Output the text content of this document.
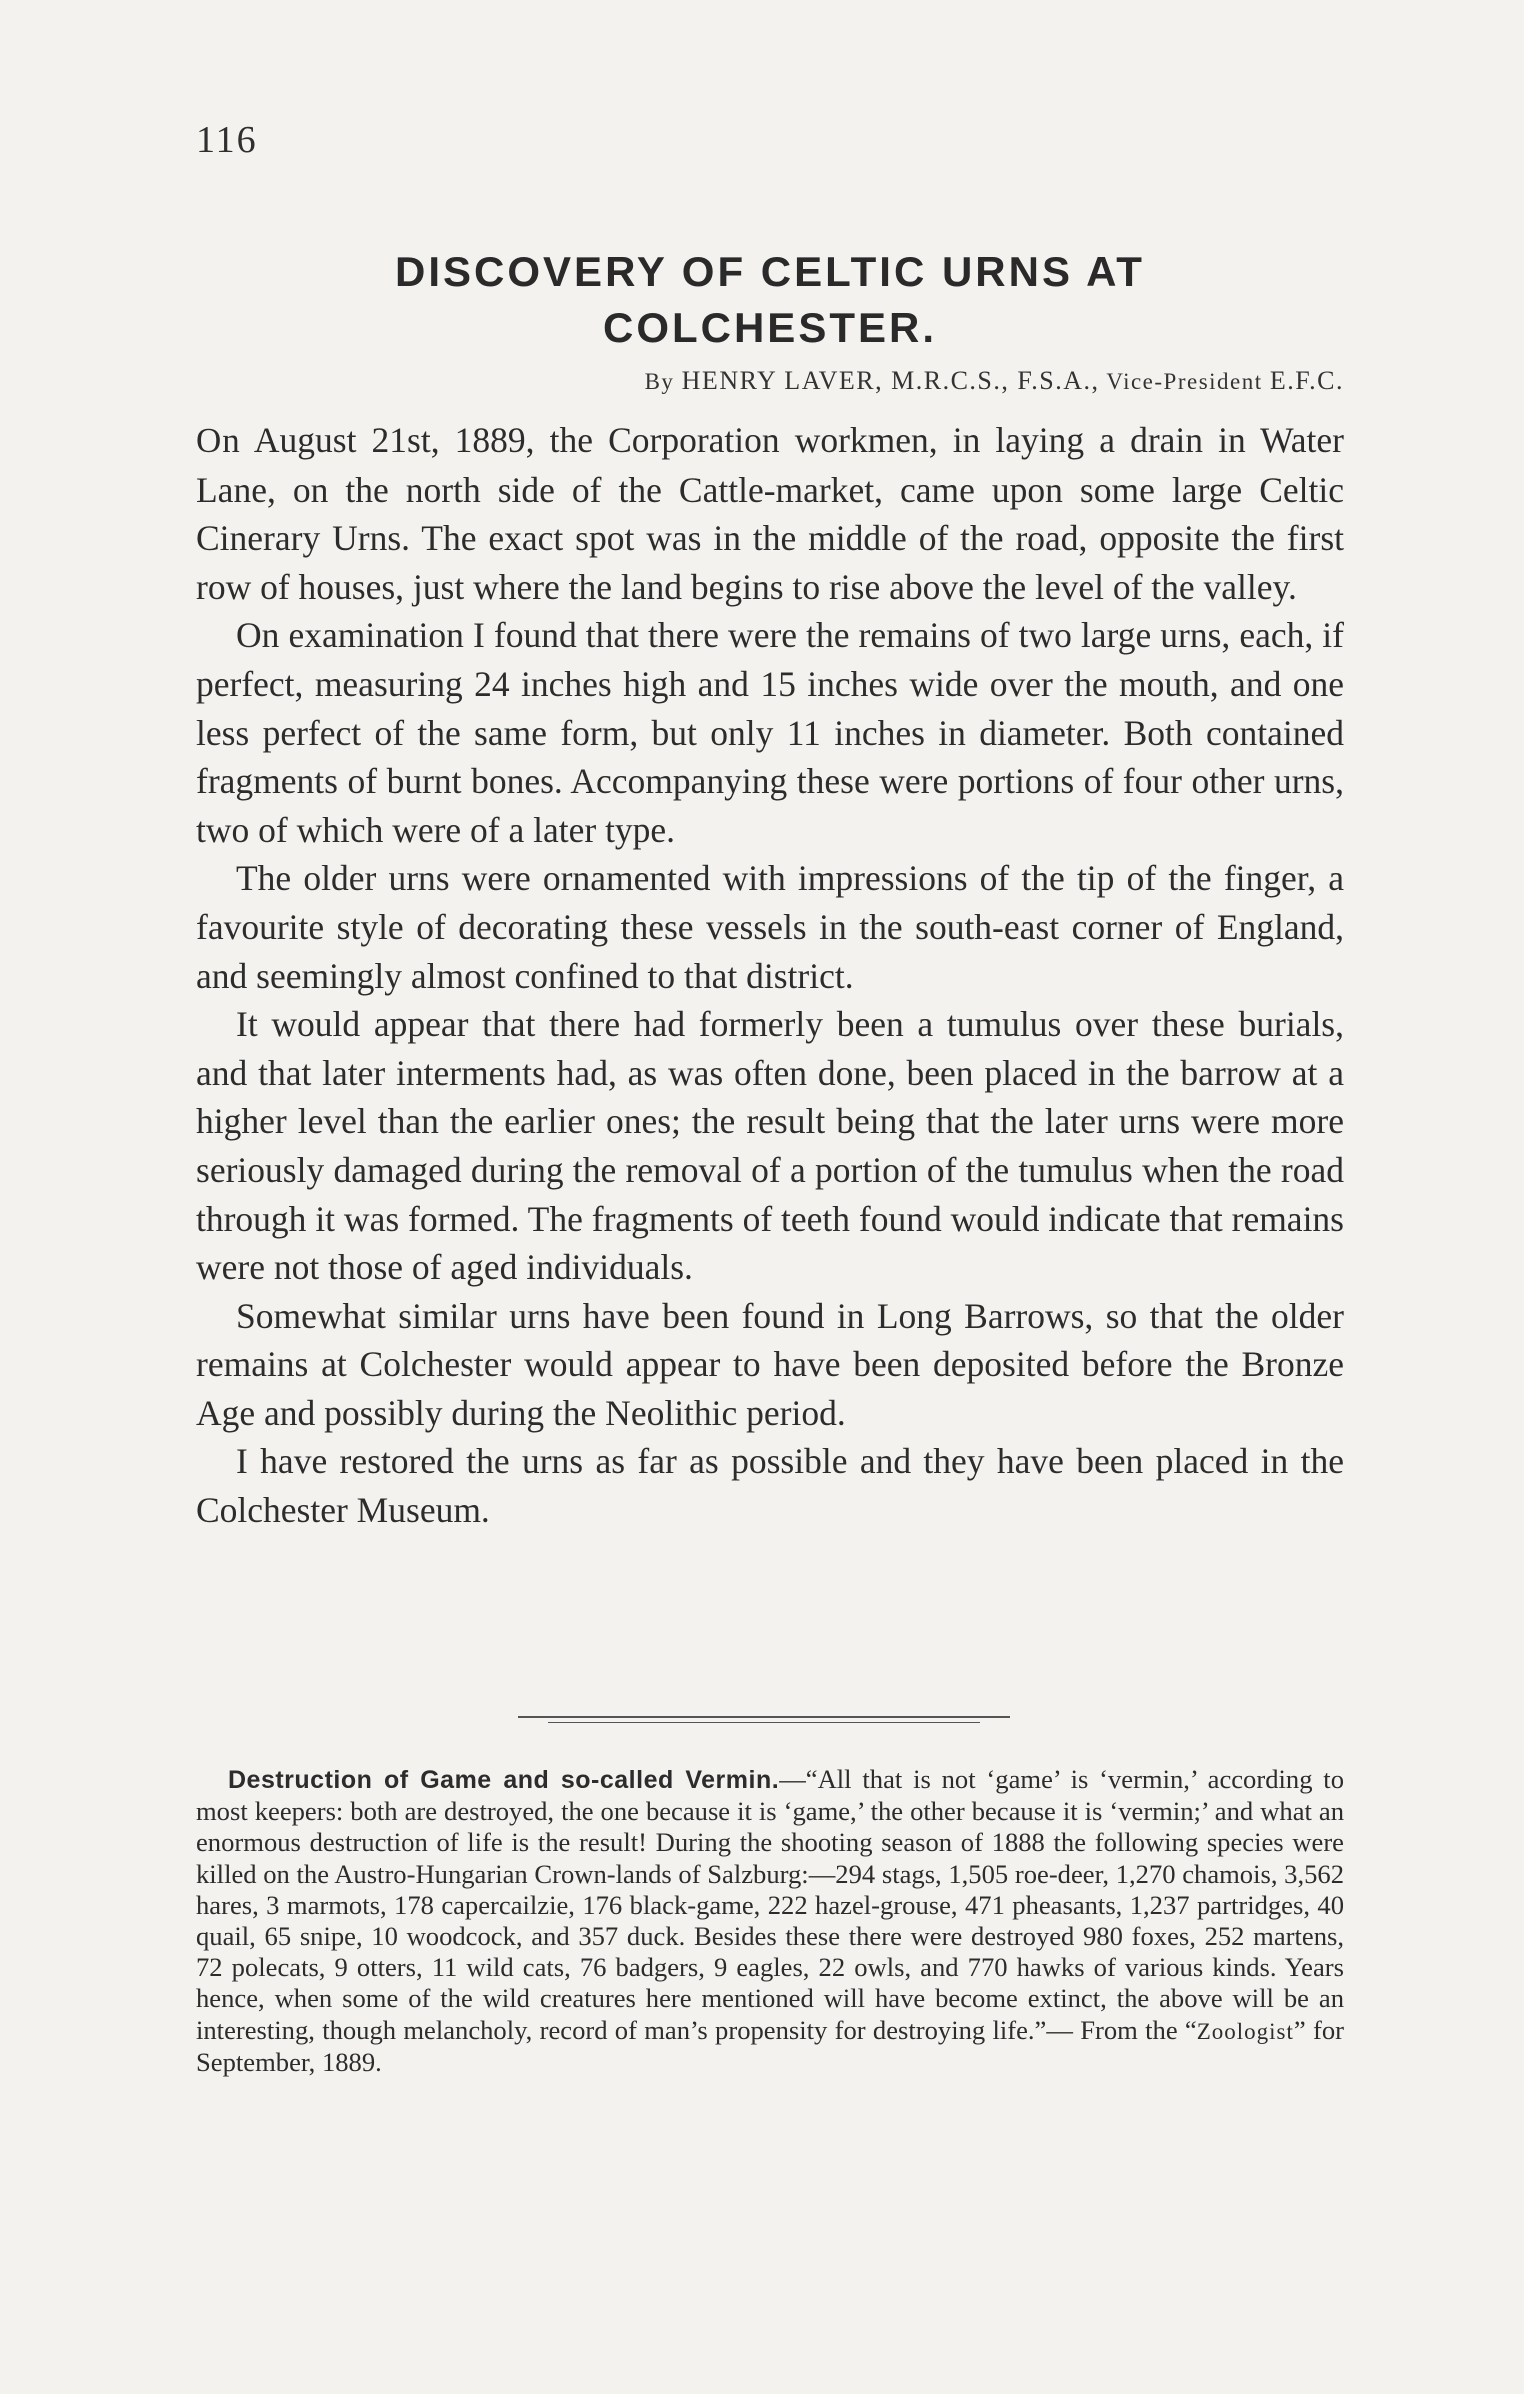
116
DISCOVERY OF CELTIC URNS AT
COLCHESTER.
By HENRY LAVER, M.R.C.S., F.S.A., Vice-President E.F.C.

On August 21st, 1889, the Corporation workmen, in laying a drain in Water Lane, on the north side of the Cattle-market, came upon some large Celtic Cinerary Urns. The exact spot was in the middle of the road, opposite the first row of houses, just where the land begins to rise above the level of the valley.

On examination I found that there were the remains of two large urns, each, if perfect, measuring 24 inches high and 15 inches wide over the mouth, and one less perfect of the same form, but only 11 inches in diameter. Both contained fragments of burnt bones. Accompanying these were portions of four other urns, two of which were of a later type.

The older urns were ornamented with impressions of the tip of the finger, a favourite style of decorating these vessels in the south-east corner of England, and seemingly almost confined to that district.

It would appear that there had formerly been a tumulus over these burials, and that later interments had, as was often done, been placed in the barrow at a higher level than the earlier ones; the result being that the later urns were more seriously damaged during the removal of a portion of the tumulus when the road through it was formed. The fragments of teeth found would indicate that remains were not those of aged individuals.

Somewhat similar urns have been found in Long Barrows, so that the older remains at Colchester would appear to have been deposited before the Bronze Age and possibly during the Neolithic period.

I have restored the urns as far as possible and they have been placed in the Colchester Museum.

Destruction of Game and so-called Vermin.—“All that is not ‘game’ is ‘vermin,’ according to most keepers: both are destroyed, the one because it is ‘game,’ the other because it is ‘vermin;’ and what an enormous destruction of life is the result! During the shooting season of 1888 the following species were killed on the Austro-Hungarian Crown-lands of Salzburg:—294 stags, 1,505 roe-deer, 1,270 chamois, 3,562 hares, 3 marmots, 178 capercailzie, 176 black-game, 222 hazel-grouse, 471 pheasants, 1,237 partridges, 40 quail, 65 snipe, 10 woodcock, and 357 duck. Besides these there were destroyed 980 foxes, 252 martens, 72 polecats, 9 otters, 11 wild cats, 76 badgers, 9 eagles, 22 owls, and 770 hawks of various kinds. Years hence, when some of the wild creatures here mentioned will have become extinct, the above will be an interesting, though melancholy, record of man’s propensity for destroying life.”— From the “Zoologist” for September, 1889.
